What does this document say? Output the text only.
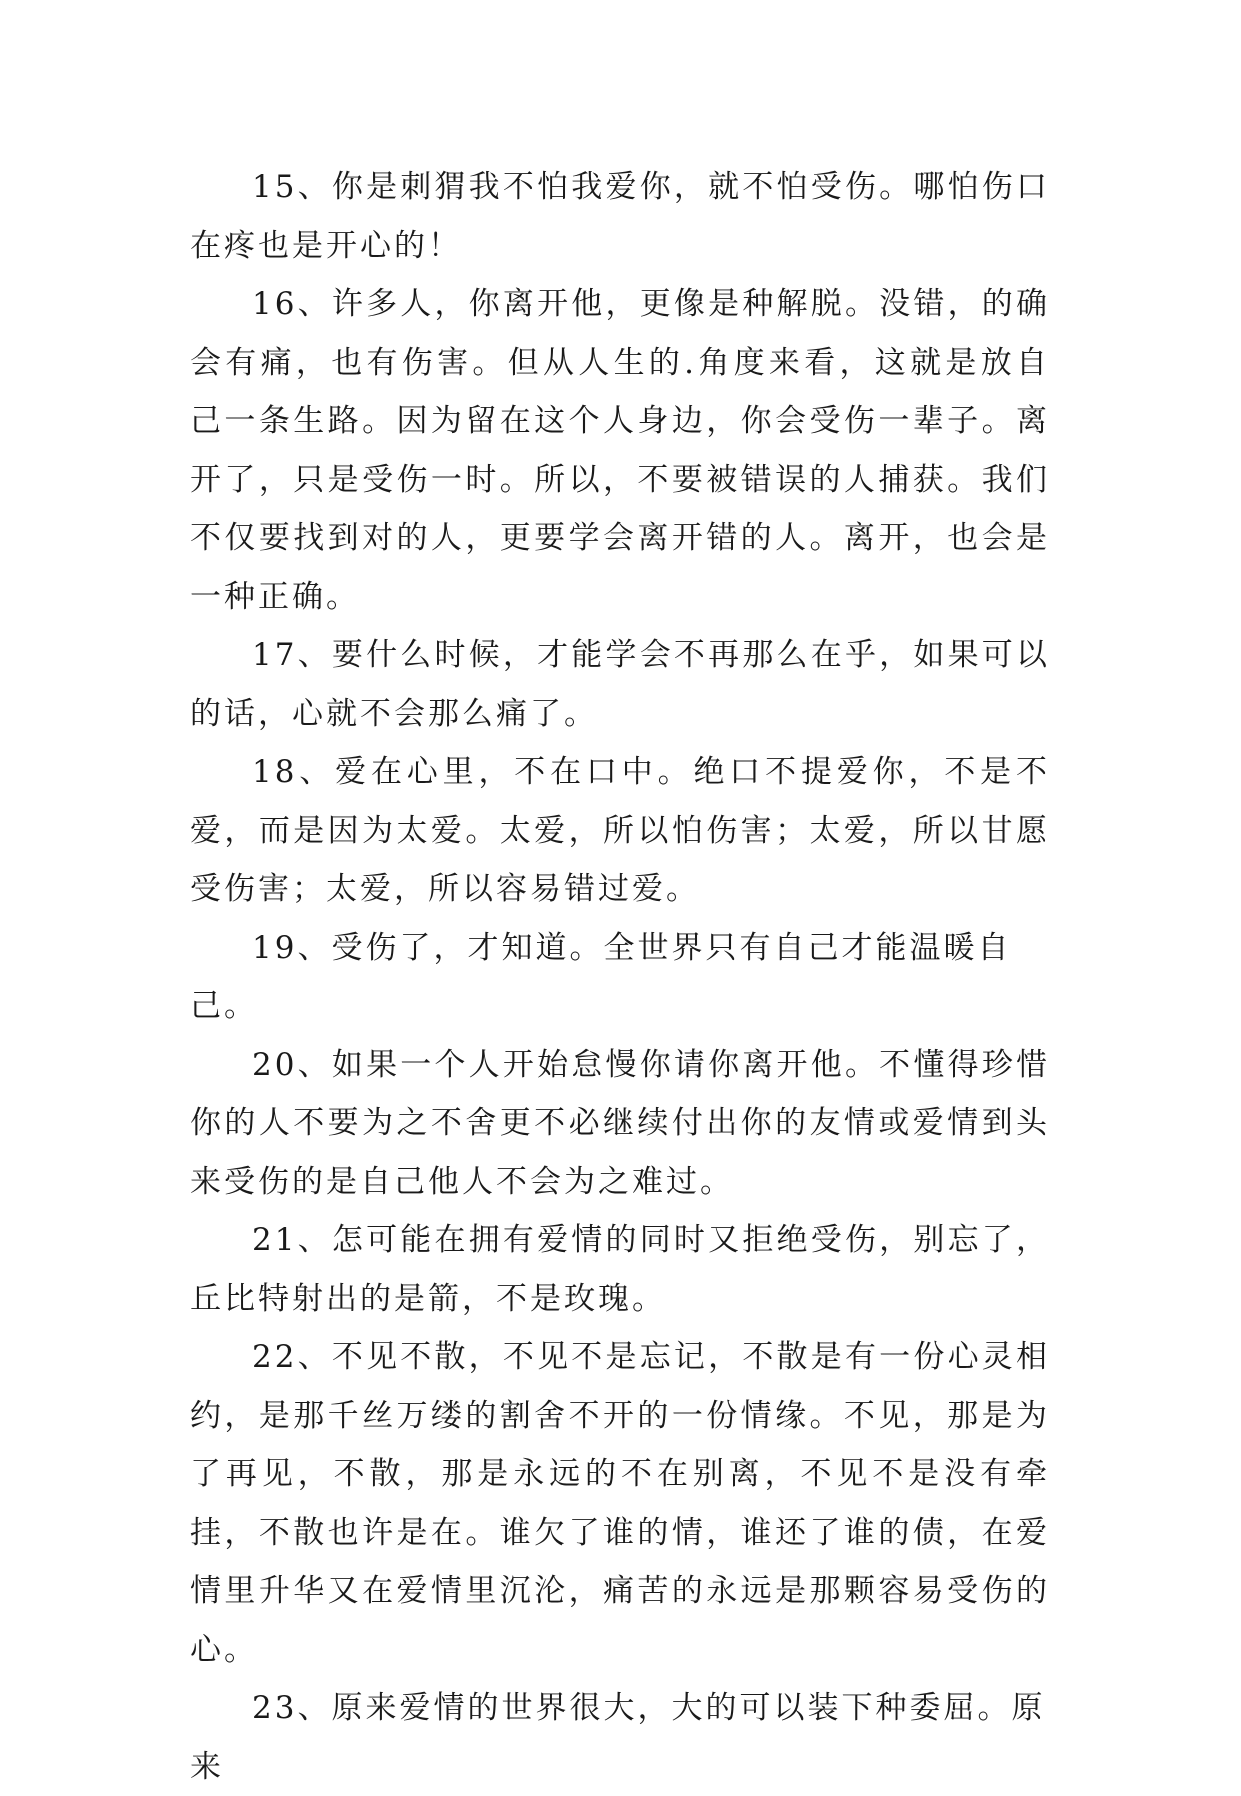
15、你是刺猬我不怕我爱你，就不怕受伤。哪怕伤口在疼也是开心的！

16、许多人，你离开他，更像是种解脱。没错，的确会有痛，也有伤害。但从人生的.角度来看，这就是放自己一条生路。因为留在这个人身边，你会受伤一辈子。离开了，只是受伤一时。所以，不要被错误的人捕获。我们不仅要找到对的人，更要学会离开错的人。离开，也会是一种正确。

17、要什么时候，才能学会不再那么在乎，如果可以的话，心就不会那么痛了。

18、爱在心里，不在口中。绝口不提爱你，不是不爱，而是因为太爱。太爱，所以怕伤害；太爱，所以甘愿受伤害；太爱，所以容易错过爱。

19、受伤了，才知道。全世界只有自己才能温暖自己。

20、如果一个人开始怠慢你请你离开他。不懂得珍惜你的人不要为之不舍更不必继续付出你的友情或爱情到头来受伤的是自己他人不会为之难过。

21、怎可能在拥有爱情的同时又拒绝受伤，别忘了，丘比特射出的是箭，不是玫瑰。

22、不见不散，不见不是忘记，不散是有一份心灵相约，是那千丝万缕的割舍不开的一份情缘。不见，那是为了再见，不散，那是永远的不在别离，不见不是没有牵挂，不散也许是在。谁欠了谁的情，谁还了谁的债，在爱情里升华又在爱情里沉沦，痛苦的永远是那颗容易受伤的心。

23、原来爱情的世界很大，大的可以装下种委屈。原来
